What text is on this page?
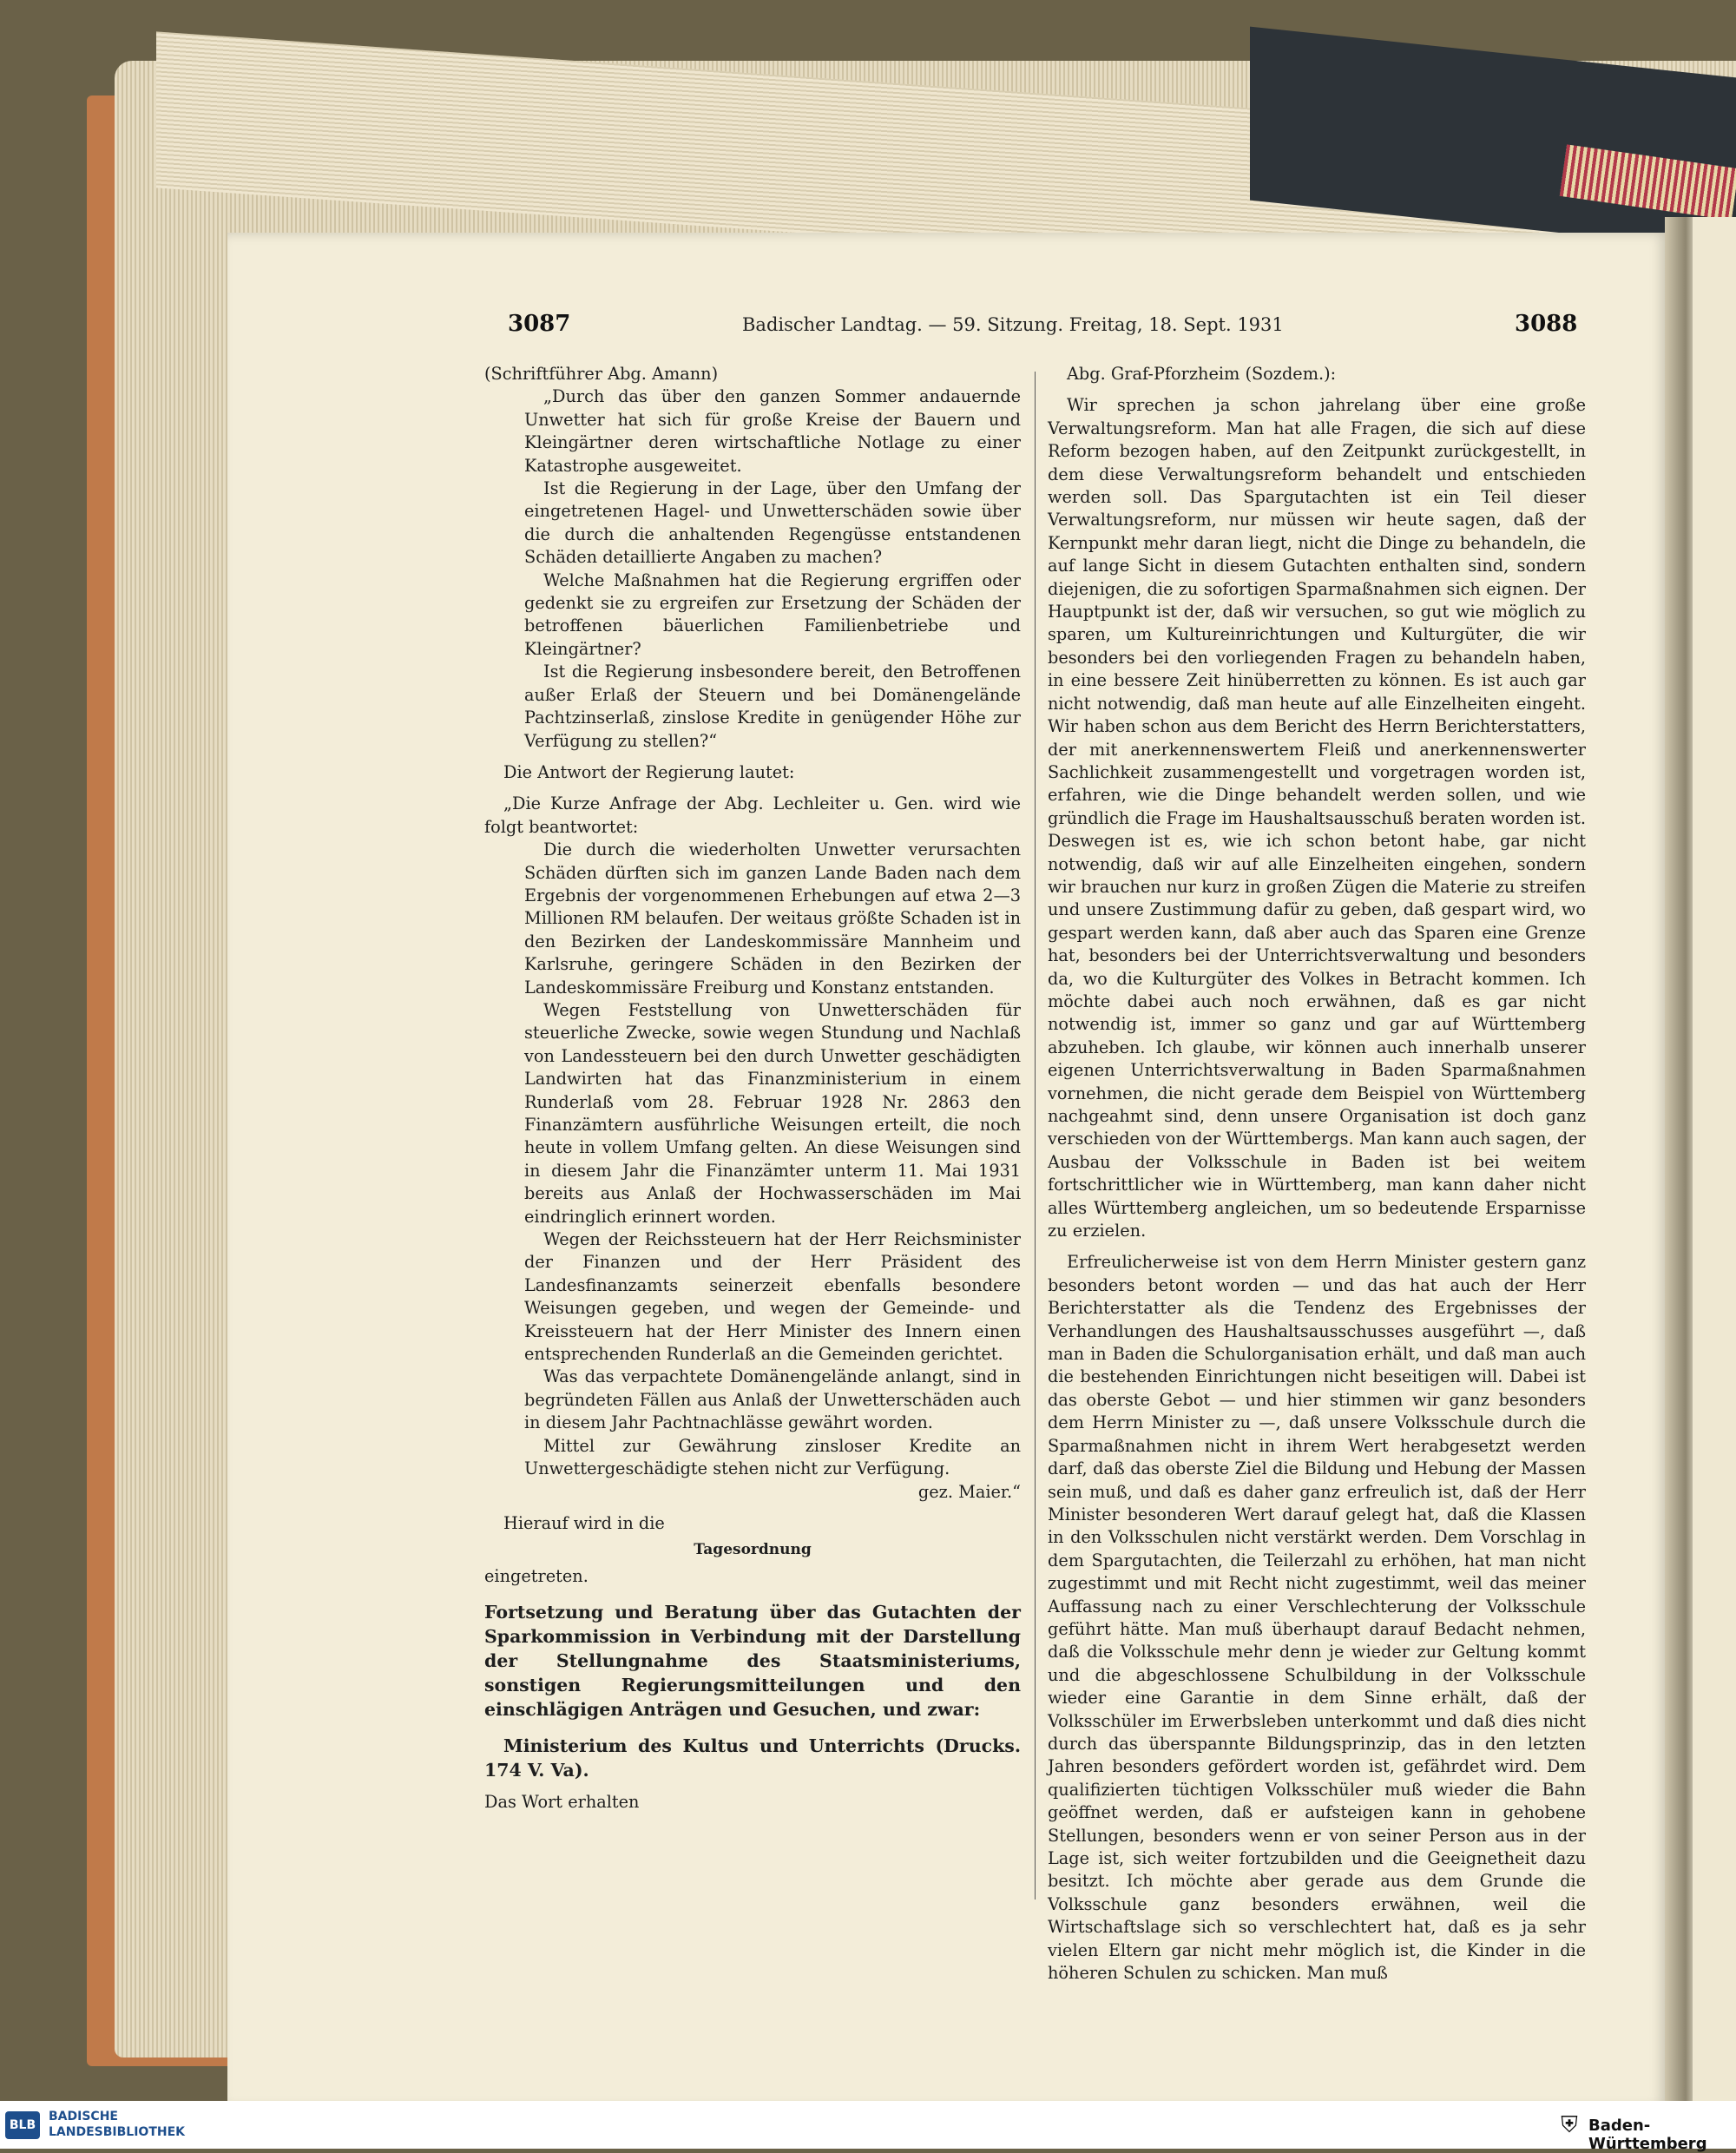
3087	Badischer Landtag. — 59. Sitzung. Freitag, 18. Sept. 1931	3088

(Schriftführer Abg. Amann)

„Durch das über den ganzen Sommer andauernde Unwetter hat sich für große Kreise der Bauern und Kleingärtner deren wirtschaftliche Notlage zu einer Katastrophe ausgeweitet.

Ist die Regierung in der Lage, über den Umfang der eingetretenen Hagel- und Unwetterschäden sowie über die durch die anhaltenden Regengüsse entstandenen Schäden detaillierte Angaben zu machen?

Welche Maßnahmen hat die Regierung ergriffen oder gedenkt sie zu ergreifen zur Ersetzung der Schäden der betroffenen bäuerlichen Familienbetriebe und Kleingärtner?

Ist die Regierung insbesondere bereit, den Betroffenen außer Erlaß der Steuern und bei Domänengelände Pachtzinserlaß, zinslose Kredite in genügender Höhe zur Verfügung zu stellen?“

Die Antwort der Regierung lautet:

„Die Kurze Anfrage der Abg. Lechleiter u. Gen. wird wie folgt beantwortet:

Die durch die wiederholten Unwetter verursachten Schäden dürften sich im ganzen Lande Baden nach dem Ergebnis der vorgenommenen Erhebungen auf etwa 2—3 Millionen RM belaufen. Der weitaus größte Schaden ist in den Bezirken der Landeskommissäre Mannheim und Karlsruhe, geringere Schäden in den Bezirken der Landeskommissäre Freiburg und Konstanz entstanden.

Wegen Feststellung von Unwetterschäden für steuerliche Zwecke, sowie wegen Stundung und Nachlaß von Landessteuern bei den durch Unwetter geschädigten Landwirten hat das Finanzministerium in einem Runderlaß vom 28. Februar 1928 Nr. 2863 den Finanzämtern ausführliche Weisungen erteilt, die noch heute in vollem Umfang gelten. An diese Weisungen sind in diesem Jahr die Finanzämter unterm 11. Mai 1931 bereits aus Anlaß der Hochwasserschäden im Mai eindringlich erinnert worden.

Wegen der Reichssteuern hat der Herr Reichsminister der Finanzen und der Herr Präsident des Landesfinanzamts seinerzeit ebenfalls besondere Weisungen gegeben, und wegen der Gemeinde- und Kreissteuern hat der Herr Minister des Innern einen entsprechenden Runderlaß an die Gemeinden gerichtet.

Was das verpachtete Domänengelände anlangt, sind in begründeten Fällen aus Anlaß der Unwetterschäden auch in diesem Jahr Pachtnachlässe gewährt worden.

Mittel zur Gewährung zinsloser Kredite an Unwettergeschädigte stehen nicht zur Verfügung.

gez. Maier.“

Hierauf wird in die

Tagesordnung

eingetreten.

Fortsetzung und Beratung über das Gutachten der Sparkommission in Verbindung mit der Darstellung der Stellungnahme des Staatsministeriums, sonstigen Regierungsmitteilungen und den einschlägigen Anträgen und Gesuchen, und zwar:

Ministerium des Kultus und Unterrichts (Drucks. 174 V. Va).

Das Wort erhalten

Abg. Graf-Pforzheim (Sozdem.):

Wir sprechen ja schon jahrelang über eine große Verwaltungsreform. Man hat alle Fragen, die sich auf diese Reform bezogen haben, auf den Zeitpunkt zurückgestellt, in dem diese Verwaltungsreform behandelt und entschieden werden soll. Das Spargutachten ist ein Teil dieser Verwaltungsreform, nur müssen wir heute sagen, daß der Kernpunkt mehr daran liegt, nicht die Dinge zu behandeln, die auf lange Sicht in diesem Gutachten enthalten sind, sondern diejenigen, die zu sofortigen Sparmaßnahmen sich eignen. Der Hauptpunkt ist der, daß wir versuchen, so gut wie möglich zu sparen, um Kultureinrichtungen und Kulturgüter, die wir besonders bei den vorliegenden Fragen zu behandeln haben, in eine bessere Zeit hinüberretten zu können. Es ist auch gar nicht notwendig, daß man heute auf alle Einzelheiten eingeht. Wir haben schon aus dem Bericht des Herrn Berichterstatters, der mit anerkennenswertem Fleiß und anerkennenswerter Sachlichkeit zusammengestellt und vorgetragen worden ist, erfahren, wie die Dinge behandelt werden sollen, und wie gründlich die Frage im Haushaltsausschuß beraten worden ist. Deswegen ist es, wie ich schon betont habe, gar nicht notwendig, daß wir auf alle Einzelheiten eingehen, sondern wir brauchen nur kurz in großen Zügen die Materie zu streifen und unsere Zustimmung dafür zu geben, daß gespart wird, wo gespart werden kann, daß aber auch das Sparen eine Grenze hat, besonders bei der Unterrichtsverwaltung und besonders da, wo die Kulturgüter des Volkes in Betracht kommen. Ich möchte dabei auch noch erwähnen, daß es gar nicht notwendig ist, immer so ganz und gar auf Württemberg abzuheben. Ich glaube, wir können auch innerhalb unserer eigenen Unterrichtsverwaltung in Baden Sparmaßnahmen vornehmen, die nicht gerade dem Beispiel von Württemberg nachgeahmt sind, denn unsere Organisation ist doch ganz verschieden von der Württembergs. Man kann auch sagen, der Ausbau der Volksschule in Baden ist bei weitem fortschrittlicher wie in Württemberg, man kann daher nicht alles Württemberg angleichen, um so bedeutende Ersparnisse zu erzielen.

Erfreulicherweise ist von dem Herrn Minister gestern ganz besonders betont worden — und das hat auch der Herr Berichterstatter als die Tendenz des Ergebnisses der Verhandlungen des Haushaltsausschusses ausgeführt —, daß man in Baden die Schulorganisation erhält, und daß man auch die bestehenden Einrichtungen nicht beseitigen will. Dabei ist das oberste Gebot — und hier stimmen wir ganz besonders dem Herrn Minister zu —, daß unsere Volksschule durch die Sparmaßnahmen nicht in ihrem Wert herabgesetzt werden darf, daß das oberste Ziel die Bildung und Hebung der Massen sein muß, und daß es daher ganz erfreulich ist, daß der Herr Minister besonderen Wert darauf gelegt hat, daß die Klassen in den Volksschulen nicht verstärkt werden. Dem Vorschlag in dem Spargutachten, die Teilerzahl zu erhöhen, hat man nicht zugestimmt und mit Recht nicht zugestimmt, weil das meiner Auffassung nach zu einer Verschlechterung der Volksschule geführt hätte. Man muß überhaupt darauf Bedacht nehmen, daß die Volksschule mehr denn je wieder zur Geltung kommt und die abgeschlossene Schulbildung in der Volksschule wieder eine Garantie in dem Sinne erhält, daß der Volksschüler im Erwerbsleben unterkommt und daß dies nicht durch das überspannte Bildungsprinzip, das in den letzten Jahren besonders gefördert worden ist, gefährdet wird. Dem qualifizierten tüchtigen Volksschüler muß wieder die Bahn geöffnet werden, daß er aufsteigen kann in gehobene Stellungen, besonders wenn er von seiner Person aus in der Lage ist, sich weiter fortzubilden und die Geeignetheit dazu besitzt. Ich möchte aber gerade aus dem Grunde die Volksschule ganz besonders erwähnen, weil die Wirtschaftslage sich so verschlechtert hat, daß es ja sehr vielen Eltern gar nicht mehr möglich ist, die Kinder in die höheren Schulen zu schicken. Man muß

BLB
BADISCHE
LANDESBIBLIOTHEK	⛨ Baden-Württemberg
